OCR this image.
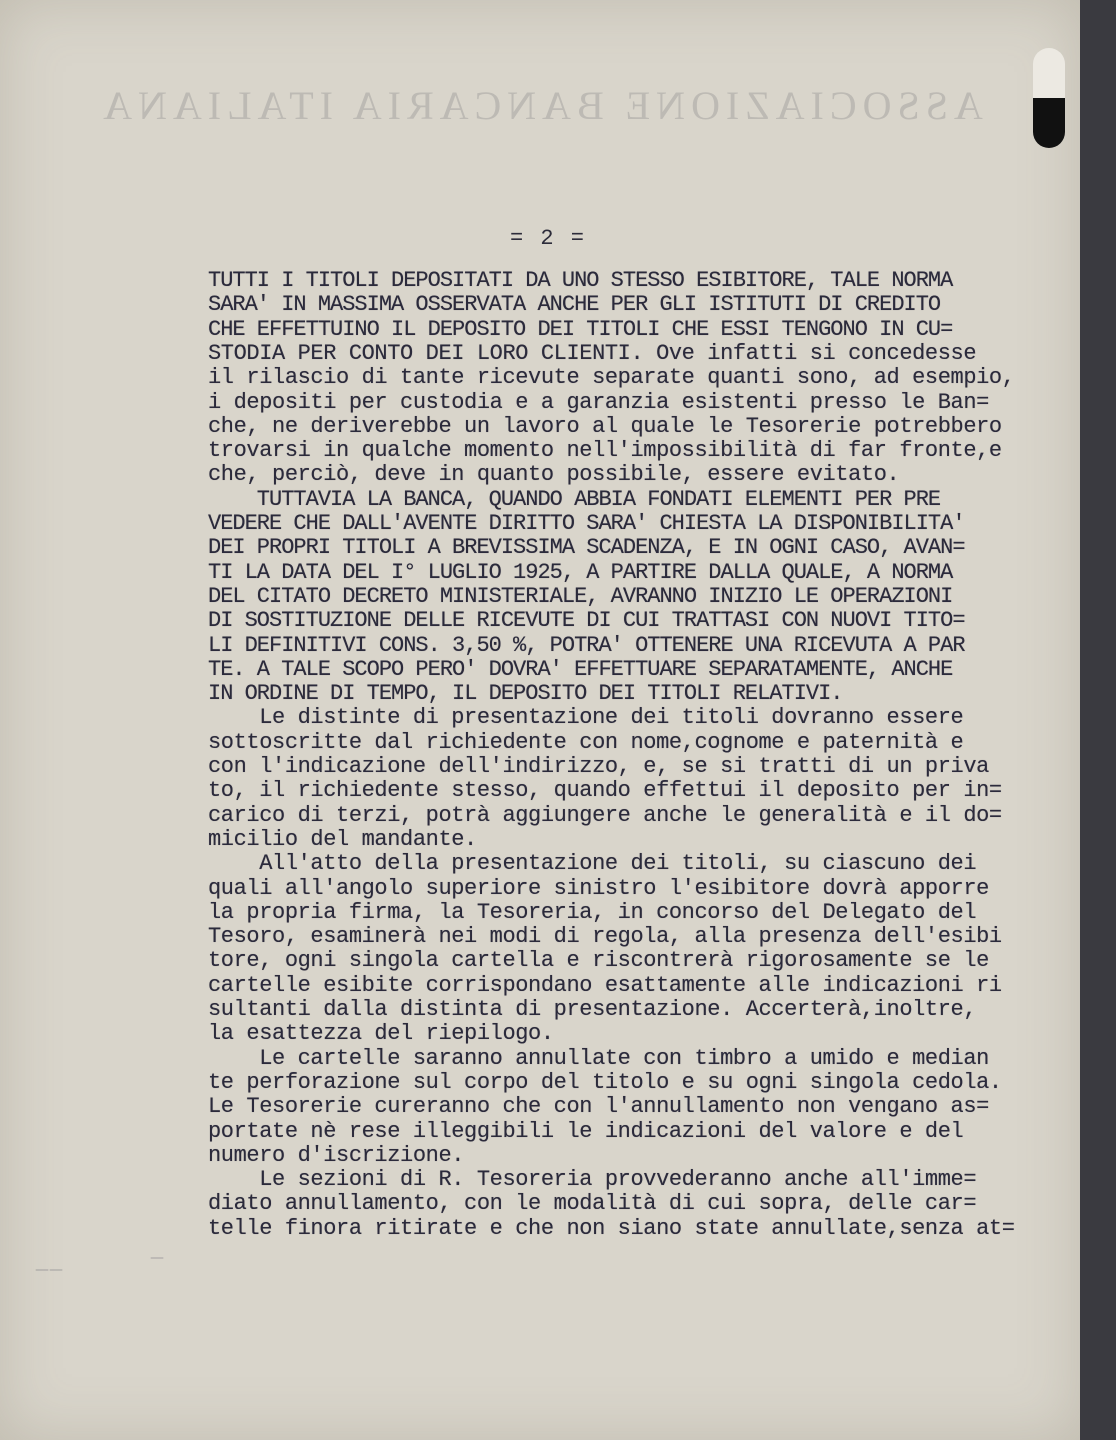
ASSOCIAZIONE BANCARIA ITALIANA
—
——
= 2 =
TUTTI I TITOLI DEPOSITATI DA UNO STESSO ESIBITORE, TALE NORMA
SARA' IN MASSIMA OSSERVATA ANCHE PER GLI ISTITUTI DI CREDITO
CHE EFFETTUINO IL DEPOSITO DEI TITOLI CHE ESSI TENGONO IN CU=
STODIA PER CONTO DEI LORO CLIENTI. Ove infatti si concedesse
il rilascio di tante ricevute separate quanti sono, ad esempio,
i depositi per custodia e a garanzia esistenti presso le Ban=
che, ne deriverebbe un lavoro al quale le Tesorerie potrebbero
trovarsi in qualche momento nell'impossibilità di far fronte,e
che, perciò, deve in quanto possibile, essere evitato.
TUTTAVIA LA BANCA, QUANDO ABBIA FONDATI ELEMENTI PER PRE
VEDERE CHE DALL'AVENTE DIRITTO SARA' CHIESTA LA DISPONIBILITA'
DEI PROPRI TITOLI A BREVISSIMA SCADENZA, E IN OGNI CASO, AVAN=
TI LA DATA DEL I° LUGLIO 1925, A PARTIRE DALLA QUALE, A NORMA
DEL CITATO DECRETO MINISTERIALE, AVRANNO INIZIO LE OPERAZIONI
DI SOSTITUZIONE DELLE RICEVUTE DI CUI TRATTASI CON NUOVI TITO=
LI DEFINITIVI CONS. 3,50 %, POTRA' OTTENERE UNA RICEVUTA A PAR
TE. A TALE SCOPO PERO' DOVRA' EFFETTUARE SEPARATAMENTE, ANCHE
IN ORDINE DI TEMPO, IL DEPOSITO DEI TITOLI RELATIVI.
Le distinte di presentazione dei titoli dovranno essere
sottoscritte dal richiedente con nome,cognome e paternità e
con l'indicazione dell'indirizzo, e, se si tratti di un priva
to, il richiedente stesso, quando effettui il deposito per in=
carico di terzi, potrà aggiungere anche le generalità e il do=
micilio del mandante.
All'atto della presentazione dei titoli, su ciascuno dei
quali all'angolo superiore sinistro l'esibitore dovrà apporre
la propria firma, la Tesoreria, in concorso del Delegato del
Tesoro, esaminerà nei modi di regola, alla presenza dell'esibi
tore, ogni singola cartella e riscontrerà rigorosamente se le
cartelle esibite corrispondano esattamente alle indicazioni ri
sultanti dalla distinta di presentazione. Accerterà,inoltre,
la esattezza del riepilogo.
Le cartelle saranno annullate con timbro a umido e median
te perforazione sul corpo del titolo e su ogni singola cedola.
Le Tesorerie cureranno che con l'annullamento non vengano as=
portate nè rese illeggibili le indicazioni del valore e del
numero d'iscrizione.
Le sezioni di R. Tesoreria provvederanno anche all'imme=
diato annullamento, con le modalità di cui sopra, delle car=
telle finora ritirate e che non siano state annullate,senza at=
